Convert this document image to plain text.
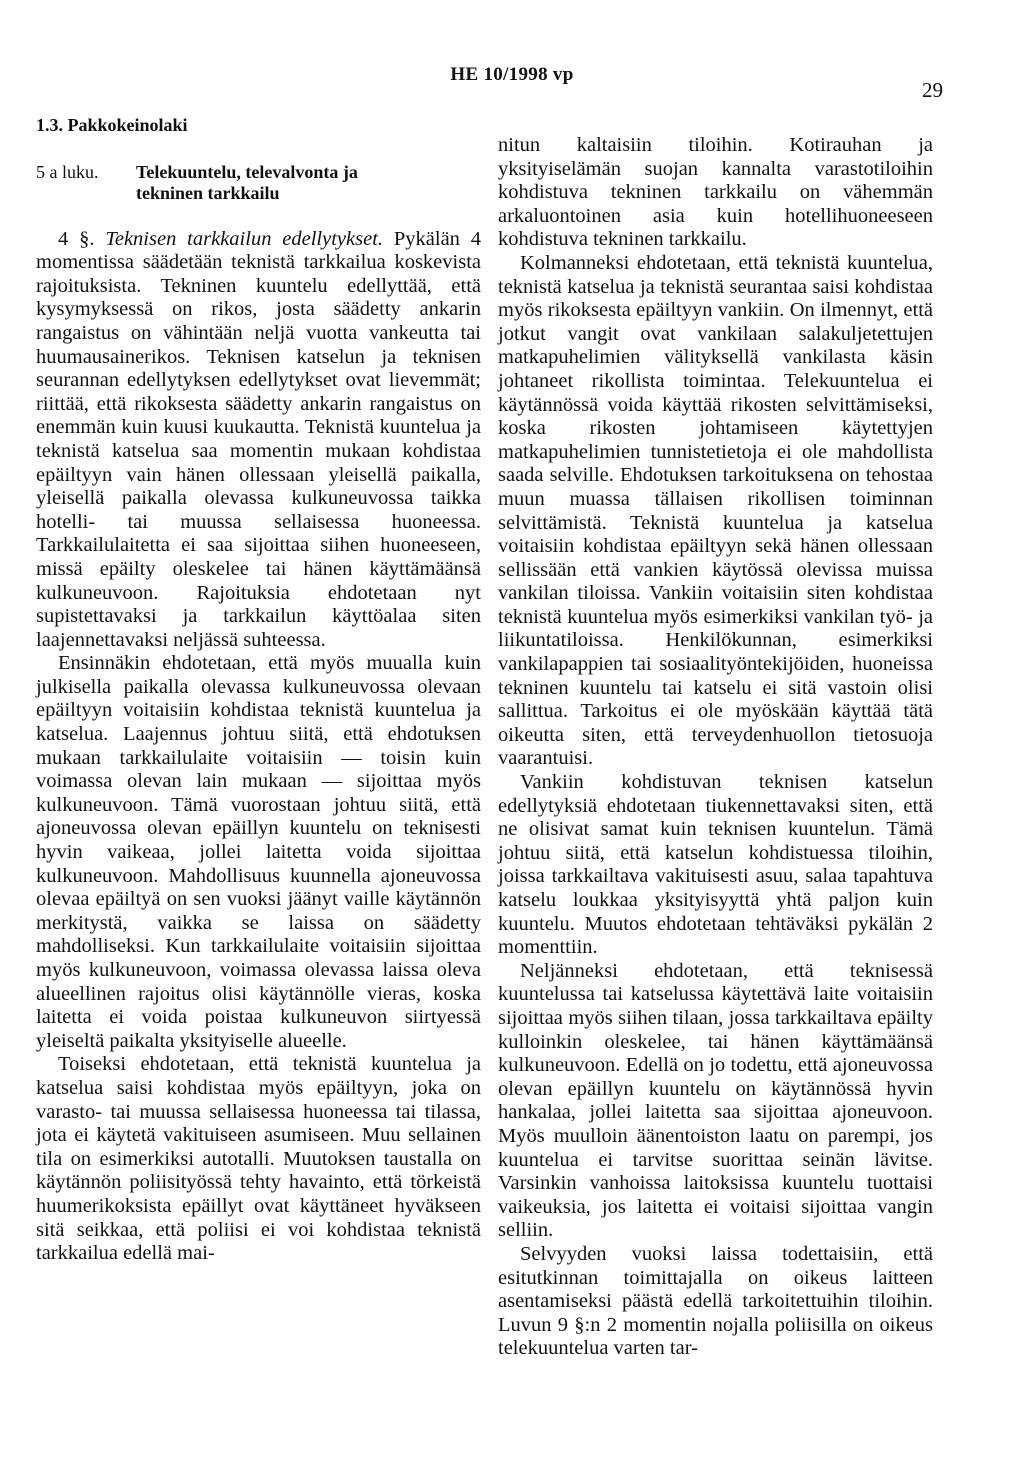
HE 10/1998 vp
29
1.3. Pakkokeinolaki
5 a luku.	Telekuuntelu, televalvonta ja tekninen tarkkailu

4 §. Teknisen tarkkailun edellytykset. Pykälän 4 momentissa säädetään teknistä tarkkailua koskevista rajoituksista. Tekninen kuuntelu edellyttää, että kysymyksessä on rikos, josta säädetty ankarin rangaistus on vähintään neljä vuotta vankeutta tai huumausainerikos. Teknisen katselun ja teknisen seurannan edellytyksen edellytykset ovat lievemmät; riittää, että rikoksesta säädetty ankarin rangaistus on enemmän kuin kuusi kuukautta. Teknistä kuuntelua ja teknistä katselua saa momentin mukaan kohdistaa epäiltyyn vain hänen ollessaan yleisellä paikalla, yleisellä paikalla olevassa kulkuneuvossa taikka hotelli- tai muussa sellaisessa huoneessa. Tarkkailulaitetta ei saa sijoittaa siihen huoneeseen, missä epäilty oleskelee tai hänen käyttämäänsä kulkuneuvoon. Rajoituksia ehdotetaan nyt supistettavaksi ja tarkkailun käyttöalaa siten laajennettavaksi neljässä suhteessa.

Ensinnäkin ehdotetaan, että myös muualla kuin julkisella paikalla olevassa kulkuneuvossa olevaan epäiltyyn voitaisiin kohdistaa teknistä kuuntelua ja katselua. Laajennus johtuu siitä, että ehdotuksen mukaan tarkkailulaite voitaisiin — toisin kuin voimassa olevan lain mukaan — sijoittaa myös kulkuneuvoon. Tämä vuorostaan johtuu siitä, että ajoneuvossa olevan epäillyn kuuntelu on teknisesti hyvin vaikeaa, jollei laitetta voida sijoittaa kulkuneuvoon. Mahdollisuus kuunnella ajoneuvossa olevaa epäiltyä on sen vuoksi jäänyt vaille käytännön merkitystä, vaikka se laissa on säädetty mahdolliseksi. Kun tarkkailulaite voitaisiin sijoittaa myös kulkuneuvoon, voimassa olevassa laissa oleva alueellinen rajoitus olisi käytännölle vieras, koska laitetta ei voida poistaa kulkuneuvon siirtyessä yleiseltä paikalta yksityiselle alueelle.

Toiseksi ehdotetaan, että teknistä kuuntelua ja katselua saisi kohdistaa myös epäiltyyn, joka on varasto- tai muussa sellaisessa huoneessa tai tilassa, jota ei käytetä vakituiseen asumiseen. Muu sellainen tila on esimerkiksi autotalli. Muutoksen taustalla on käytännön poliisityössä tehty havainto, että törkeistä huumerikoksista epäillyt ovat käyttäneet hyväkseen sitä seikkaa, että poliisi ei voi kohdistaa teknistä tarkkailua edellä mai-

nitun kaltaisiin tiloihin. Kotirauhan ja yksityiselämän suojan kannalta varastotiloihin kohdistuva tekninen tarkkailu on vähemmän arkaluontoinen asia kuin hotellihuoneeseen kohdistuva tekninen tarkkailu.

Kolmanneksi ehdotetaan, että teknistä kuuntelua, teknistä katselua ja teknistä seurantaa saisi kohdistaa myös rikoksesta epäiltyyn vankiin. On ilmennyt, että jotkut vangit ovat vankilaan salakuljetettujen matkapuhelimien välityksellä vankilasta käsin johtaneet rikollista toimintaa. Telekuuntelua ei käytännössä voida käyttää rikosten selvittämiseksi, koska rikosten johtamiseen käytettyjen matkapuhelimien tunnistetietoja ei ole mahdollista saada selville. Ehdotuksen tarkoituksena on tehostaa muun muassa tällaisen rikollisen toiminnan selvittämistä. Teknistä kuuntelua ja katselua voitaisiin kohdistaa epäiltyyn sekä hänen ollessaan sellissään että vankien käytössä olevissa muissa vankilan tiloissa. Vankiin voitaisiin siten kohdistaa teknistä kuuntelua myös esimerkiksi vankilan työ- ja liikuntatiloissa. Henkilökunnan, esimerkiksi vankilapappien tai sosiaalityöntekijöiden, huoneissa tekninen kuuntelu tai katselu ei sitä vastoin olisi sallittua. Tarkoitus ei ole myöskään käyttää tätä oikeutta siten, että terveydenhuollon tietosuoja vaarantuisi.

Vankiin kohdistuvan teknisen katselun edellytyksiä ehdotetaan tiukennettavaksi siten, että ne olisivat samat kuin teknisen kuuntelun. Tämä johtuu siitä, että katselun kohdistuessa tiloihin, joissa tarkkailtava vakituisesti asuu, salaa tapahtuva katselu loukkaa yksityisyyttä yhtä paljon kuin kuuntelu. Muutos ehdotetaan tehtäväksi pykälän 2 momenttiin.

Neljänneksi ehdotetaan, että teknisessä kuuntelussa tai katselussa käytettävä laite voitaisiin sijoittaa myös siihen tilaan, jossa tarkkailtava epäilty kulloinkin oleskelee, tai hänen käyttämäänsä kulkuneuvoon. Edellä on jo todettu, että ajoneuvossa olevan epäillyn kuuntelu on käytännössä hyvin hankalaa, jollei laitetta saa sijoittaa ajoneuvoon. Myös muulloin äänentoiston laatu on parempi, jos kuuntelua ei tarvitse suorittaa seinän lävitse. Varsinkin vanhoissa laitoksissa kuuntelu tuottaisi vaikeuksia, jos laitetta ei voitaisi sijoittaa vangin selliin.

Selvyyden vuoksi laissa todettaisiin, että esitutkinnan toimittajalla on oikeus laitteen asentamiseksi päästä edellä tarkoitettuihin tiloihin. Luvun 9 §:n 2 momentin nojalla poliisilla on oikeus telekuuntelua varten tar-
